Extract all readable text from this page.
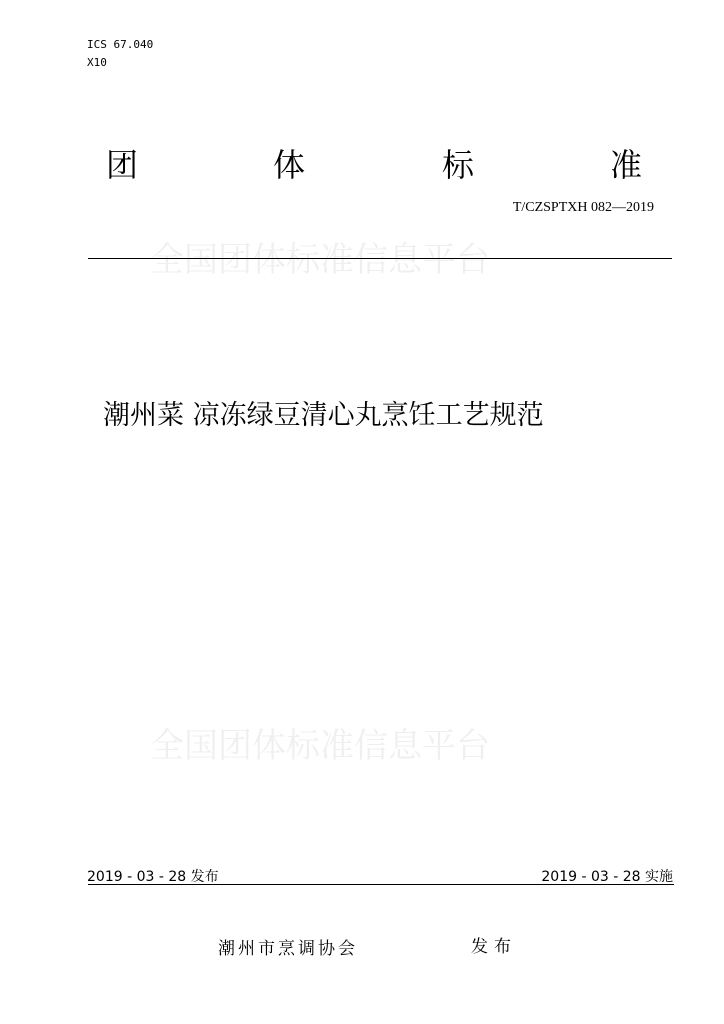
ICS 67.040
X10
团	体	标	准
T/CZSPTXH 082—2019
全国团体标准信息平台
潮州菜 凉冻绿豆清心丸烹饪工艺规范
全国团体标准信息平台
2019 - 03 - 28 发布	2019 - 03 - 28 实施
潮州市烹调协会	发布
